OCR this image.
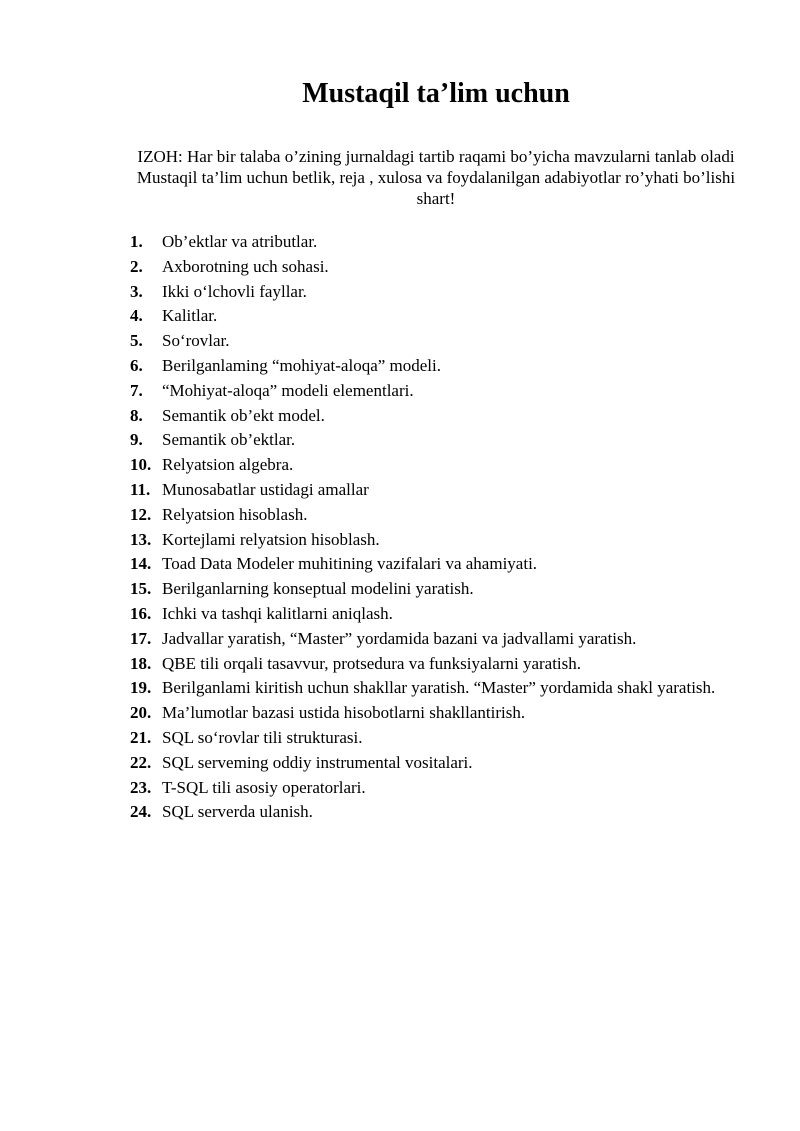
Mustaqil ta’lim uchun

IZOH: Har bir talaba o’zining jurnaldagi tartib raqami bo’yicha mavzularni tanlab oladi

Mustaqil ta’lim uchun betlik, reja , xulosa va foydalanilgan adabiyotlar ro’yhati bo’lishi shart!

1.	Ob’ektlar va atributlar.
2.	Axborotning uch sohasi.
3.	Ikki o‘lchovli fayllar.
4.	Kalitlar.
5.	So‘rovlar.
6.	Berilganlaming “mohiyat-aloqa” modeli.
7.	“Mohiyat-aloqa” modeli elementlari.
8.	Semantik ob’ekt model.
9.	Semantik ob’ektlar.
10. Relyatsion algebra.
11. Munosabatlar ustidagi amallar
12. Relyatsion hisoblash.
13. Kortejlami relyatsion hisoblash.
14. Toad Data Modeler muhitining vazifalari va ahamiyati.
15. Berilganlarning konseptual modelini yaratish.
16. Ichki va tashqi kalitlarni aniqlash.
17. Jadvallar yaratish, “Master” yordamida bazani va jadvallami yaratish.
18. QBE tili orqali tasavvur, protsedura va funksiyalarni yaratish.
19. Berilganlami kiritish uchun shakllar yaratish. “Master” yordamida shakl yaratish.
20. Ma’lumotlar bazasi ustida hisobotlarni shakllantirish.
21. SQL so‘rovlar tili strukturasi.
22. SQL serveming oddiy instrumental vositalari.
23. T-SQL tili asosiy operatorlari.
24. SQL serverda ulanish.
